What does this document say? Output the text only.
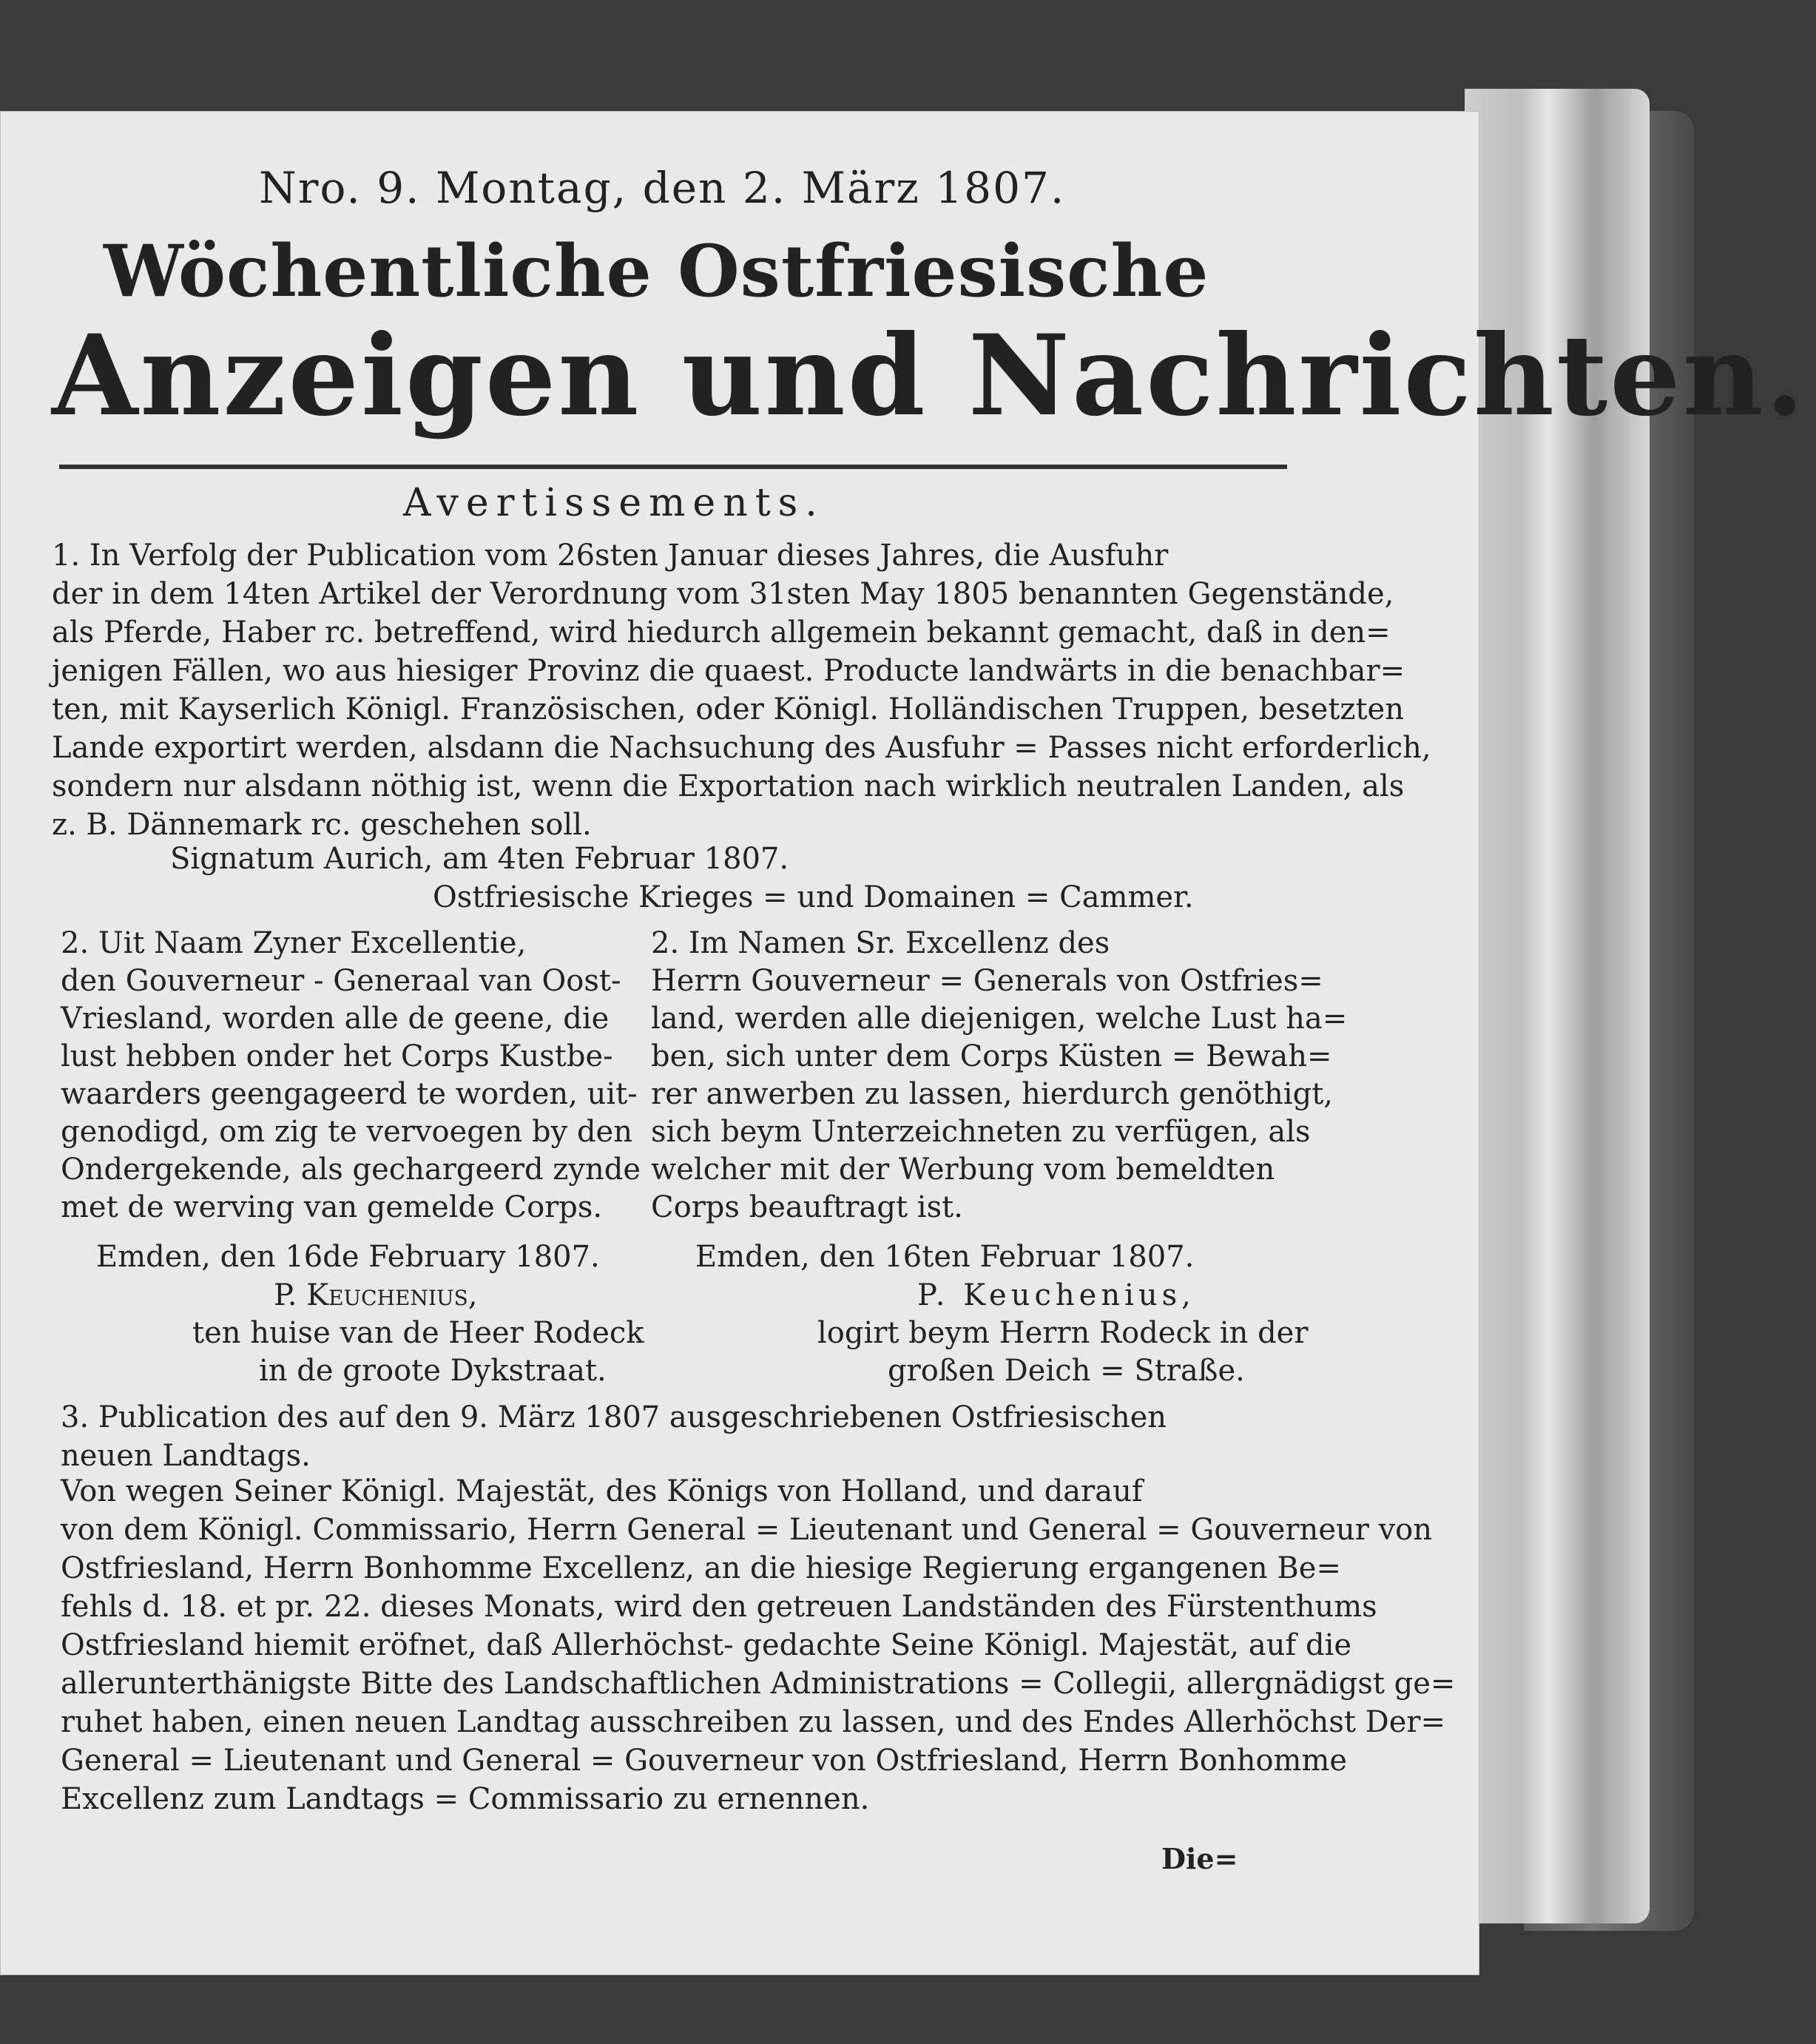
Nro. 9. Montag, den 2. März 1807.
Wöchentliche Ostfriesische
Anzeigen und Nachrichten.
Avertissements.
1. In Verfolg der Publication vom 26sten Januar dieses Jahres, die Ausfuhr
der in dem 14ten Artikel der Verordnung vom 31sten May 1805 benannten Gegenstände,
als Pferde, Haber rc. betreffend, wird hiedurch allgemein bekannt gemacht, daß in den=
jenigen Fällen, wo aus hiesiger Provinz die quaest. Producte landwärts in die benachbar=
ten, mit Kayserlich Königl. Französischen, oder Königl. Holländischen Truppen, besetzten
Lande exportirt werden, alsdann die Nachsuchung des Ausfuhr = Passes nicht erforderlich,
sondern nur alsdann nöthig ist, wenn die Exportation nach wirklich neutralen Landen, als
z. B. Dännemark rc. geschehen soll.
Signatum Aurich, am 4ten Februar 1807.
Ostfriesische Krieges = und Domainen = Cammer.
2. Uit Naam Zyner Excellentie,
den Gouverneur - Generaal van Oost-
Vriesland, worden alle de geene, die
lust hebben onder het Corps Kustbe-
waarders geengageerd te worden, uit-
genodigd, om zig te vervoegen by den
Ondergekende, als gechargeerd zynde
met de werving van gemelde Corps.
2. Im Namen Sr. Excellenz des
Herrn Gouverneur = Generals von Ostfries=
land, werden alle diejenigen, welche Lust ha=
ben, sich unter dem Corps Küsten = Bewah=
rer anwerben zu lassen, hierdurch genöthigt,
sich beym Unterzeichneten zu verfügen, als
welcher mit der Werbung vom bemeldten
Corps beauftragt ist.
Emden, den 16de February 1807.
P. Keuchenius,
ten huise van de Heer Rodeck
in de groote Dykstraat.
Emden, den 16ten Februar 1807.
P. Keuchenius,
logirt beym Herrn Rodeck in der
großen Deich = Straße.
3. Publication des auf den 9. März 1807 ausgeschriebenen Ostfriesischen
neuen Landtags.
Von wegen Seiner Königl. Majestät, des Königs von Holland, und darauf
von dem Königl. Commissario, Herrn General = Lieutenant und General = Gouverneur von
Ostfriesland, Herrn Bonhomme Excellenz, an die hiesige Regierung ergangenen Be=
fehls d. 18. et pr. 22. dieses Monats, wird den getreuen Landständen des Fürstenthums
Ostfriesland hiemit eröfnet, daß Allerhöchst- gedachte Seine Königl. Majestät, auf die
allerunterthänigste Bitte des Landschaftlichen Administrations = Collegii, allergnädigst ge=
ruhet haben, einen neuen Landtag ausschreiben zu lassen, und des Endes Allerhöchst Der=
General = Lieutenant und General = Gouverneur von Ostfriesland, Herrn Bonhomme
Excellenz zum Landtags = Commissario zu ernennen.
Die=
